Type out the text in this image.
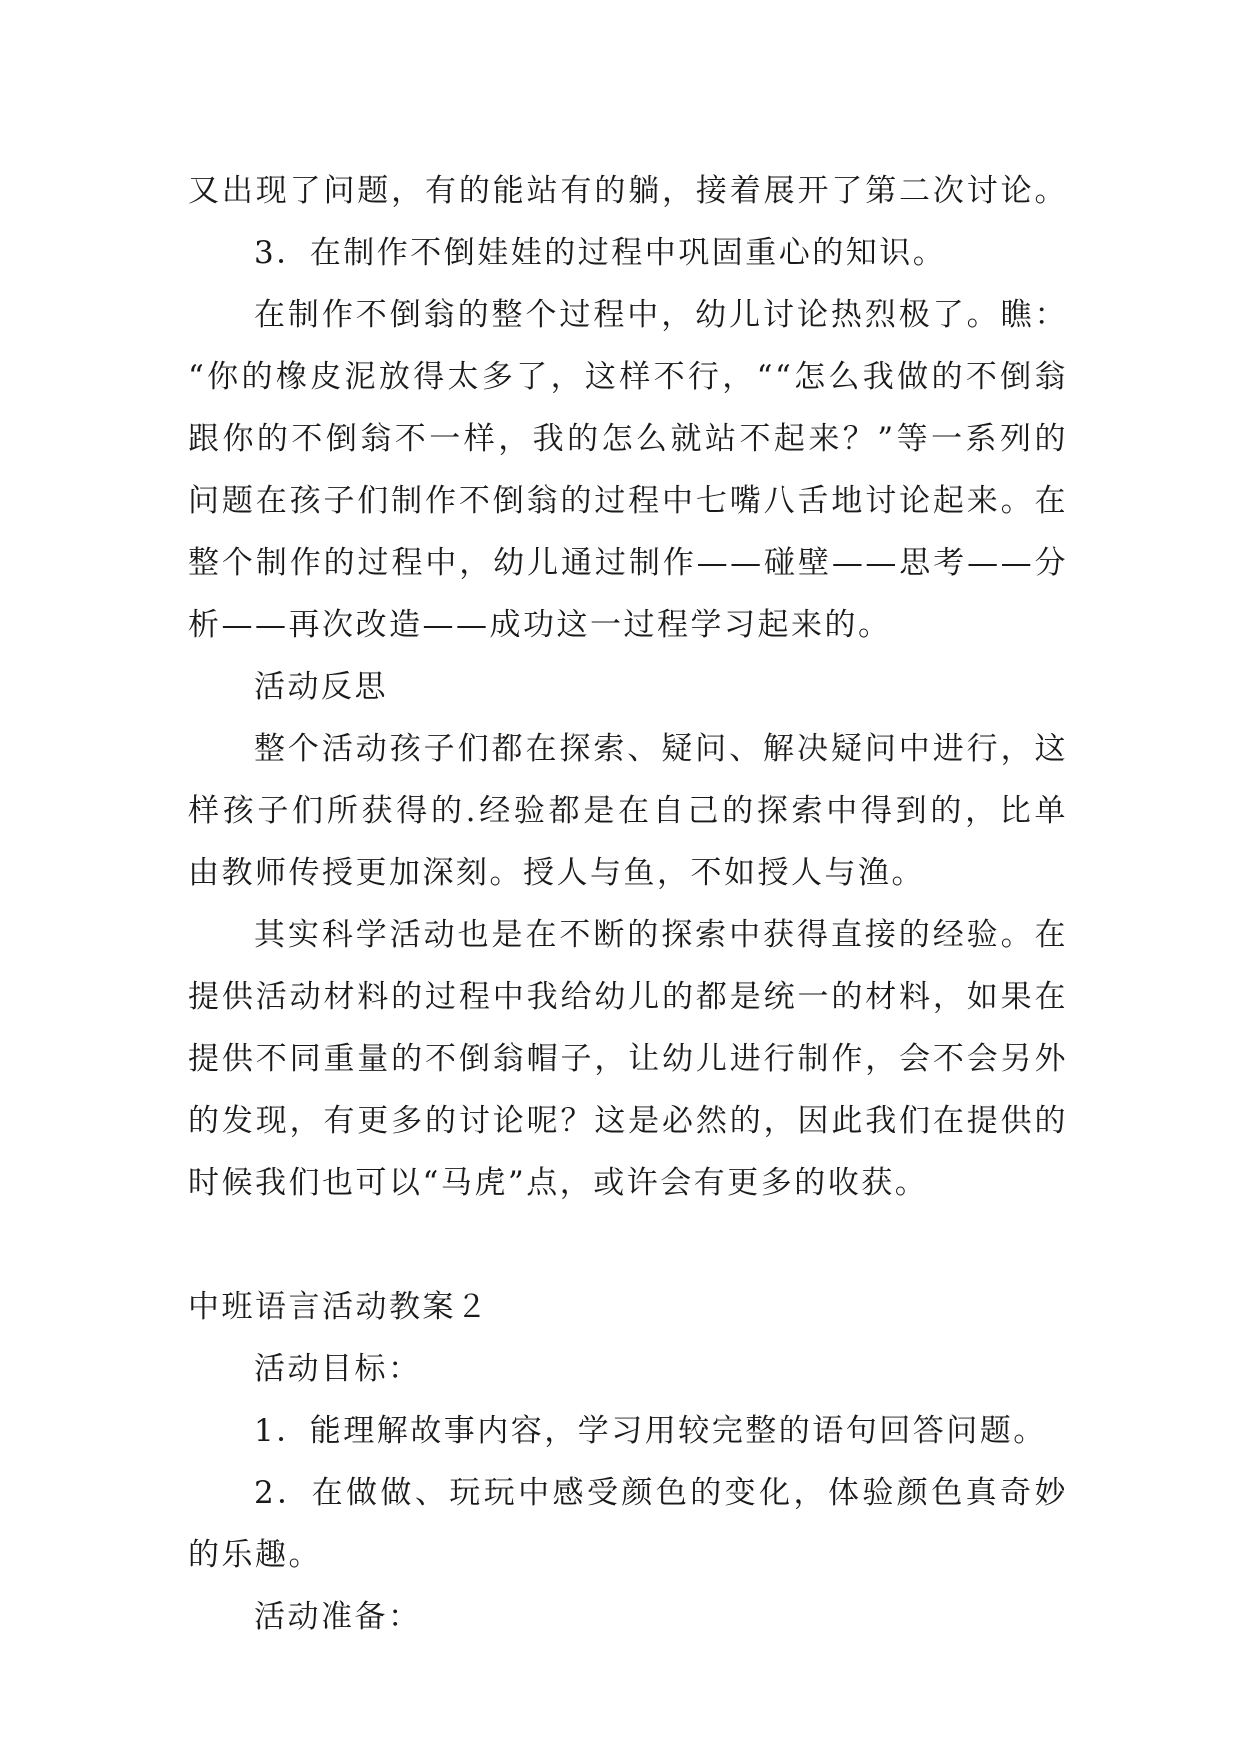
又出现了问题，有的能站有的躺，接着展开了第二次讨论。
3．在制作不倒娃娃的过程中巩固重心的知识。
在制作不倒翁的整个过程中，幼儿讨论热烈极了。瞧：
“你的橡皮泥放得太多了，这样不行，““怎么我做的不倒翁
跟你的不倒翁不一样，我的怎么就站不起来？”等一系列的
问题在孩子们制作不倒翁的过程中七嘴八舌地讨论起来。在
整个制作的过程中，幼儿通过制作——碰壁——思考——分
析——再次改造——成功这一过程学习起来的。
活动反思
整个活动孩子们都在探索、疑问、解决疑问中进行，这
样孩子们所获得的.经验都是在自己的探索中得到的，比单
由教师传授更加深刻。授人与鱼，不如授人与渔。
其实科学活动也是在不断的探索中获得直接的经验。在
提供活动材料的过程中我给幼儿的都是统一的材料，如果在
提供不同重量的不倒翁帽子，让幼儿进行制作，会不会另外
的发现，有更多的讨论呢？这是必然的，因此我们在提供的
时候我们也可以“马虎”点，或许会有更多的收获。
中班语言活动教案２
活动目标：
1．能理解故事内容，学习用较完整的语句回答问题。
2．在做做、玩玩中感受颜色的变化，体验颜色真奇妙
的乐趣。
活动准备：
